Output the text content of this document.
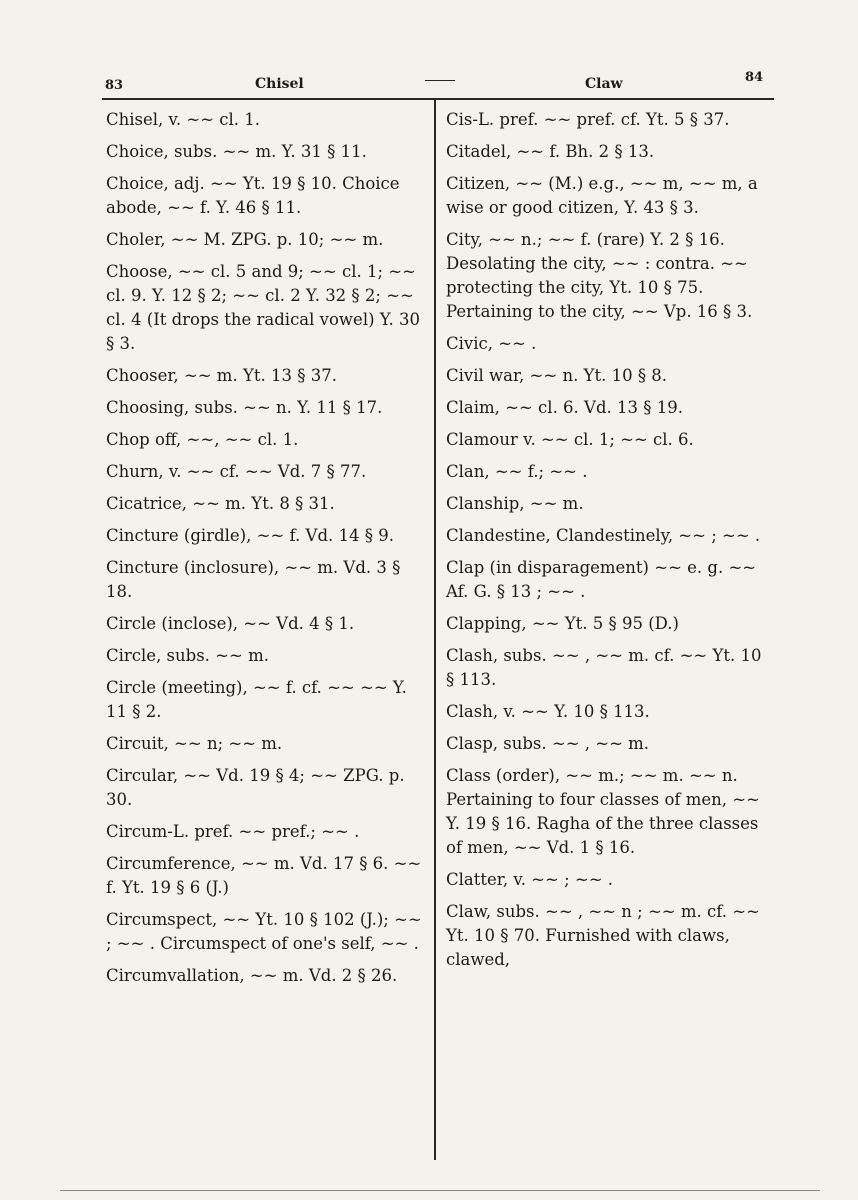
83	Chisel	Claw	84
Chisel, v. ~~ cl. 1.
Choice, subs. ~~ m. Y. 31 § 11.
Choice, adj. ~~ Yt. 19 § 10. Choice abode, ~~ f. Y. 46 § 11.
Choler, ~~ M. ZPG. p. 10; ~~ m.
Choose, ~~ cl. 5 and 9; ~~ cl. 1; ~~ cl. 9. Y. 12 § 2; ~~ cl. 2 Y. 32 § 2; ~~ cl. 4 (It drops the radical vowel) Y. 30 § 3.
Chooser, ~~ m. Yt. 13 § 37.
Choosing, subs. ~~ n. Y. 11 § 17.
Chop off, ~~, ~~ cl. 1.
Churn, v. ~~ cf. ~~ Vd. 7 § 77.
Cicatrice, ~~ m. Yt. 8 § 31.
Cincture (girdle), ~~ f. Vd. 14 § 9.
Cincture (inclosure), ~~ m. Vd. 3 § 18.
Circle (inclose), ~~ Vd. 4 § 1.
Circle, subs. ~~ m.
Circle (meeting), ~~ f. cf. ~~ ~~ Y. 11 § 2.
Circuit, ~~ n; ~~ m.
Circular, ~~ Vd. 19 § 4; ~~ ZPG. p. 30.
Circum-L. pref. ~~ pref.; ~~ .
Circumference, ~~ m. Vd. 17 § 6. ~~ f. Yt. 19 § 6 (J.)
Circumspect, ~~ Yt. 10 § 102 (J.); ~~ ; ~~ . Circumspect of one's self, ~~ .
Circumvallation, ~~ m. Vd. 2 § 26.
Cis-L. pref. ~~ pref. cf. Yt. 5 § 37.
Citadel, ~~ f. Bh. 2 § 13.
Citizen, ~~ (M.) e.g., ~~ m, ~~ m, a wise or good citizen, Y. 43 § 3.
City, ~~ n.; ~~ f. (rare) Y. 2 § 16. Desolating the city, ~~ : contra. ~~ protecting the city, Yt. 10 § 75. Pertaining to the city, ~~ Vp. 16 § 3.
Civic, ~~ .
Civil war, ~~ n. Yt. 10 § 8.
Claim, ~~ cl. 6. Vd. 13 § 19.
Clamour v. ~~ cl. 1; ~~ cl. 6.
Clan, ~~ f.; ~~ .
Clanship, ~~ m.
Clandestine, Clandestinely, ~~ ; ~~ .
Clap (in disparagement) ~~ e. g. ~~ Af. G. § 13 ; ~~ .
Clapping, ~~ Yt. 5 § 95 (D.)
Clash, subs. ~~ , ~~ m. cf. ~~ Yt. 10 § 113.
Clash, v. ~~ Y. 10 § 113.
Clasp, subs. ~~ , ~~ m.
Class (order), ~~ m.; ~~ m. ~~ n. Pertaining to four classes of men, ~~ Y. 19 § 16. Ragha of the three classes of men, ~~ Vd. 1 § 16.
Clatter, v. ~~ ; ~~ .
Claw, subs. ~~ , ~~ n ; ~~ m. cf. ~~ Yt. 10 § 70. Furnished with claws, clawed,
